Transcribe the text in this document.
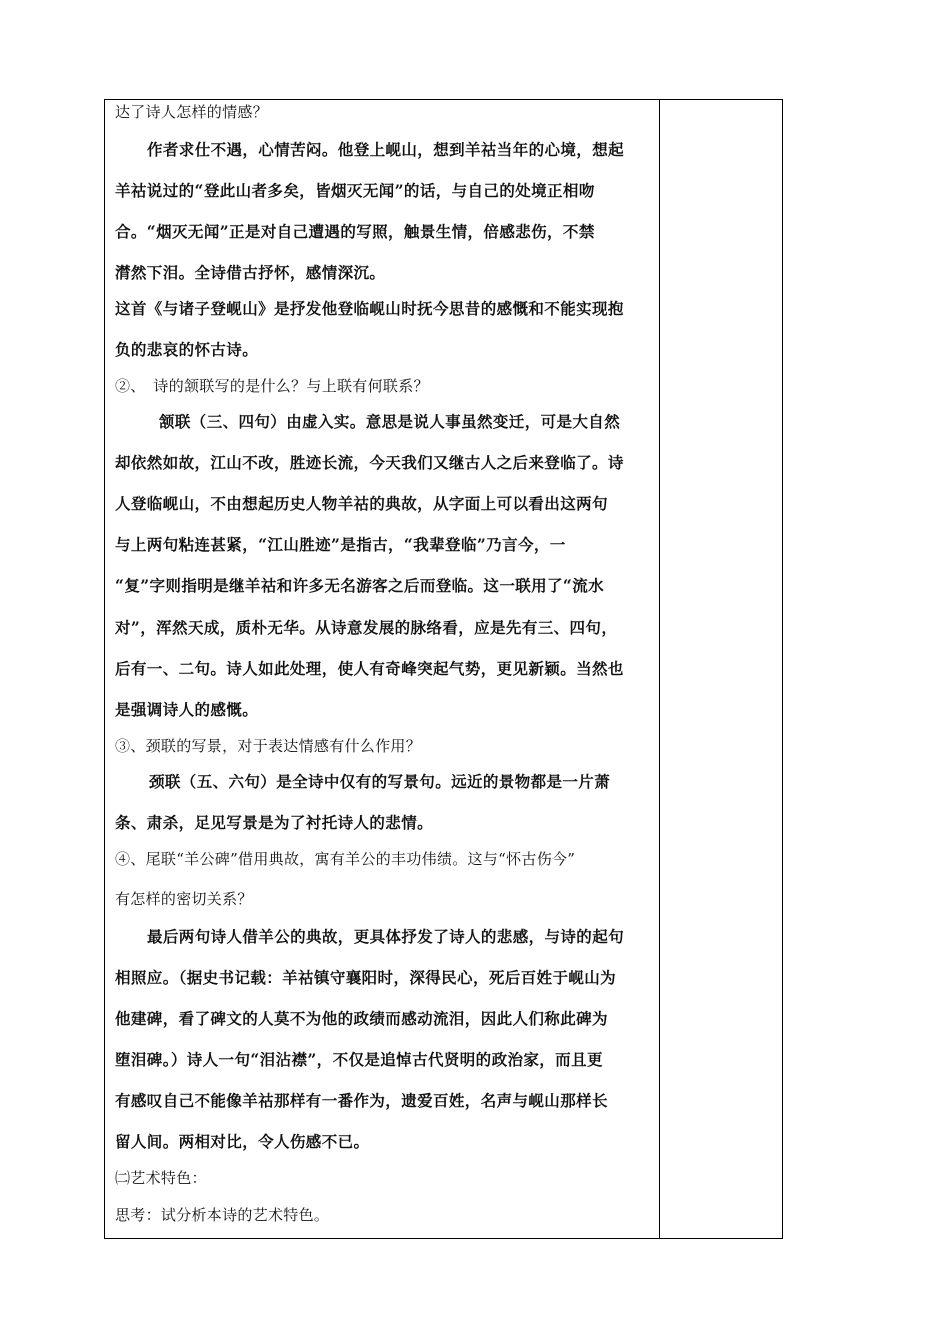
达了诗人怎样的情感？
作者求仕不遇，心情苦闷。他登上岘山，想到羊祜当年的心境，想起
羊祜说过的“登此山者多矣，皆烟灭无闻”的话，与自己的处境正相吻
合。“烟灭无闻”正是对自己遭遇的写照，触景生情，倍感悲伤，不禁
潸然下泪。全诗借古抒怀，感情深沉。
这首《与诸子登岘山》是抒发他登临岘山时抚今思昔的感慨和不能实现抱
负的悲哀的怀古诗。
②、　诗的颔联写的是什么？与上联有何联系？
颔联（三、四句）由虚入实。意思是说人事虽然变迁，可是大自然
却依然如故，江山不改，胜迹长流，今天我们又继古人之后来登临了。诗
人登临岘山，不由想起历史人物羊祜的典故，从字面上可以看出这两句
与上两句粘连甚紧，“江山胜迹”是指古，“我辈登临”乃言今，一
“复”字则指明是继羊祜和许多无名游客之后而登临。这一联用了“流水
对”，浑然天成，质朴无华。从诗意发展的脉络看，应是先有三、四句，
后有一、二句。诗人如此处理，使人有奇峰突起气势，更见新颖。当然也
是强调诗人的感慨。
③、颈联的写景，对于表达情感有什么作用？
颈联（五、六句）是全诗中仅有的写景句。远近的景物都是一片萧
条、肃杀，足见写景是为了衬托诗人的悲情。
④、尾联“羊公碑”借用典故，寓有羊公的丰功伟绩。这与“怀古伤今”
有怎样的密切关系？
最后两句诗人借羊公的典故，更具体抒发了诗人的悲感，与诗的起句
相照应。（据史书记载：羊祜镇守襄阳时，深得民心，死后百姓于岘山为
他建碑，看了碑文的人莫不为他的政绩而感动流泪，因此人们称此碑为
堕泪碑。）诗人一句“泪沾襟”，不仅是追悼古代贤明的政治家，而且更
有感叹自己不能像羊祜那样有一番作为，遗爱百姓，名声与岘山那样长
留人间。两相对比，令人伤感不已。
㈡艺术特色：
思考：试分析本诗的艺术特色。
